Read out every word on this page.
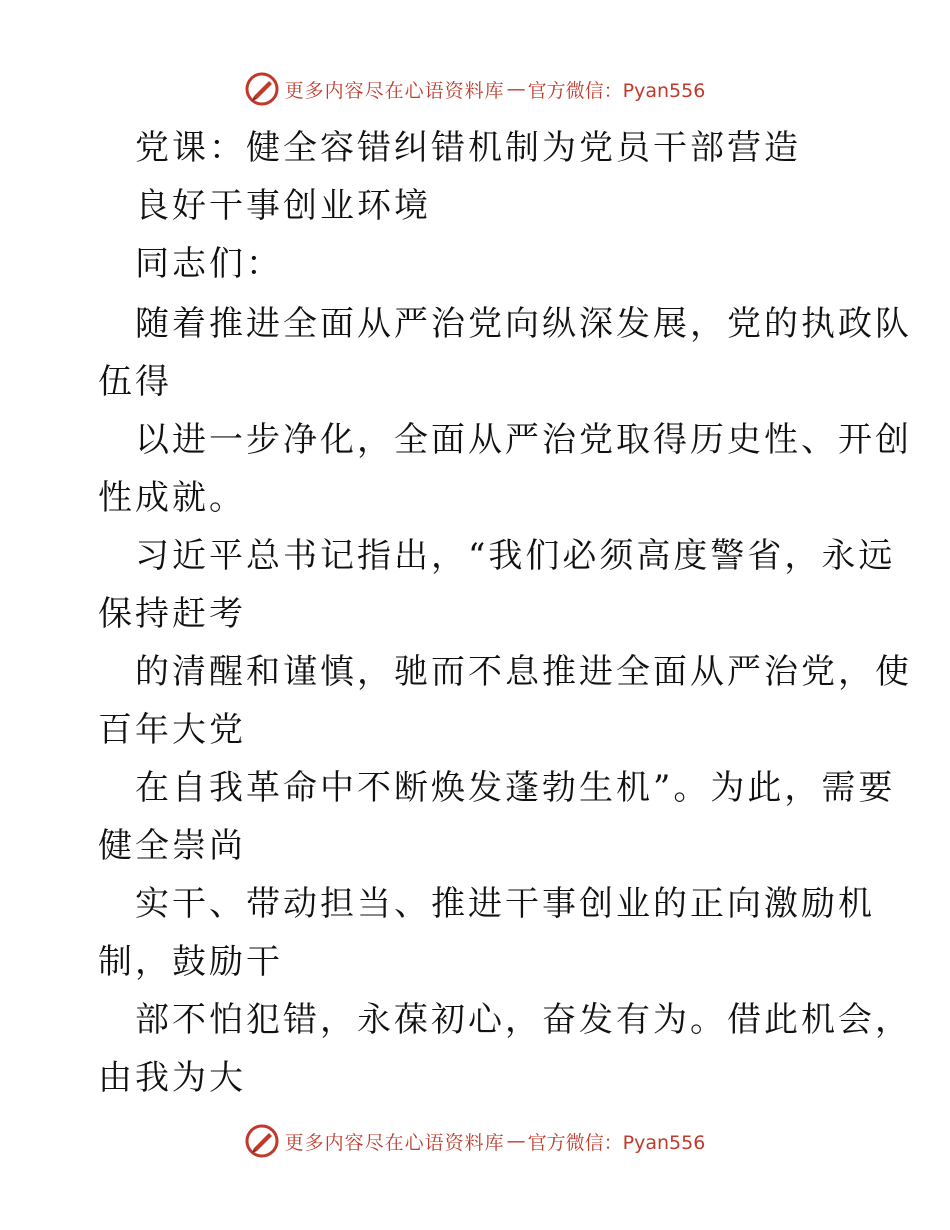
更多内容尽在心语资料库 — 官方微信：Pyan556
党课：健全容错纠错机制为党员干部营造
良好干事创业环境
同志们：
随着推进全面从严治党向纵深发展，党的执政队
伍得
以进一步净化，全面从严治党取得历史性、开创
性成就。
习近平总书记指出，“我们必须高度警省，永远
保持赶考
的清醒和谨慎，驰而不息推进全面从严治党，使
百年大党
在自我革命中不断焕发蓬勃生机”。为此，需要
健全崇尚
实干、带动担当、推进干事创业的正向激励机
制，鼓励干
部不怕犯错，永葆初心，奋发有为。借此机会，
由我为大
更多内容尽在心语资料库 — 官方微信：Pyan556
